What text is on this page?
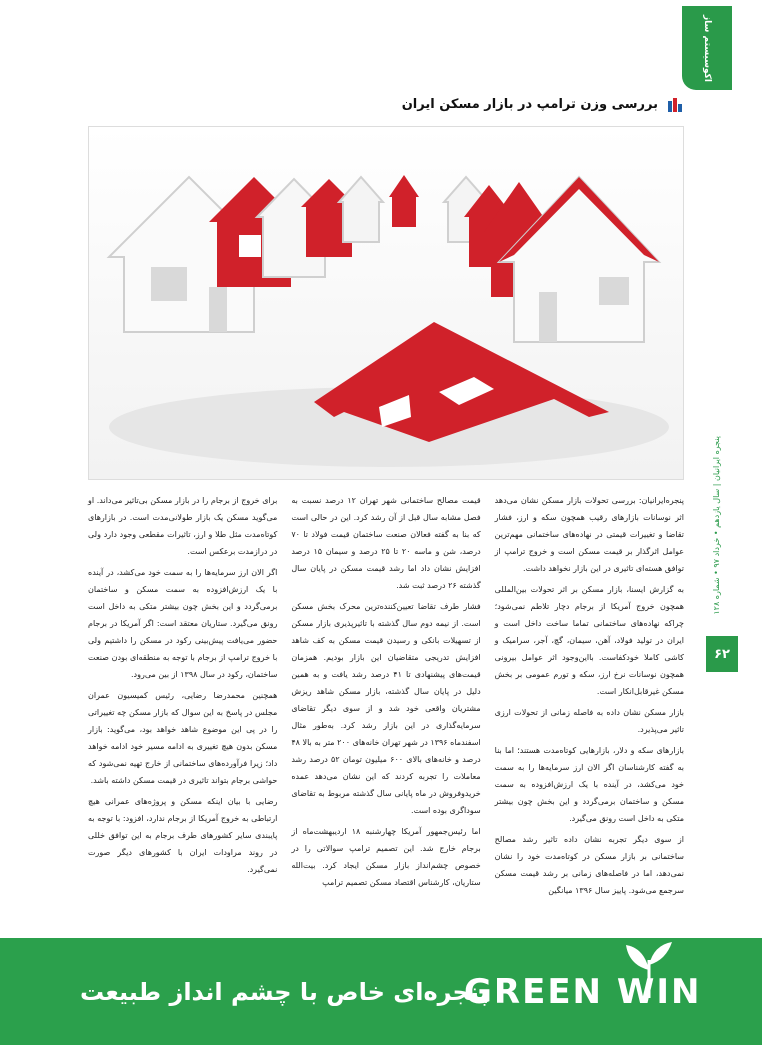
اکوسیستم ساز
پنجره ایرانیان | سال یازدهم • خرداد ۹۷ • شماره ۱۲۸
۶۲
بررسی وزن ترامپ در بازار مسکن ایران

پنجره‌ایرانیان: بررسی تحولات بازار مسکن نشان می‌دهد اثر نوسانات بازارهای رقیب همچون سکه و ارز، فشار تقاضا و تغییرات قیمتی در نهاده‌های ساختمانی مهم‌ترین عوامل اثرگذار بر قیمت مسکن است و خروج ترامپ از توافق هسته‌ای تاثیری در این بازار نخواهد داشت.

به گزارش ایسنا، بازار مسکن بر اثر تحولات بین‌المللی همچون خروج آمریکا از برجام دچار تلاطم نمی‌شود؛ چراکه نهاده‌های ساختمانی تماما ساخت داخل است و ایران در تولید فولاد، آهن، سیمان، گچ، آجر، سرامیک و کاشی کاملا خودکفاست. بااین‌وجود اثر عوامل بیرونی همچون نوسانات نرخ ارز، سکه و تورم عمومی بر بخش مسکن غیرقابل‌انکار است.

بازار مسکن نشان داده به فاصله زمانی از تحولات ارزی تاثیر می‌پذیرد.

بازارهای سکه و دلار، بازارهایی کوتاه‌مدت هستند؛ اما بنا به گفته کارشناسان اگر الان ارز سرمایه‌ها را به سمت خود می‌کشد، در آینده با یک ارزش‌افزوده به سمت مسکن و ساختمان برمی‌گردد و این بخش چون بیشتر متکی به داخل است رونق می‌گیرد.

از سوی دیگر تجربه نشان داده تاثیر رشد مصالح ساختمانی بر بازار مسکن در کوتاه‌مدت خود را نشان نمی‌دهد، اما در فاصله‌های زمانی بر رشد قیمت مسکن سرجمع می‌شود. پاییز سال ۱۳۹۶ میانگین

قیمت مصالح ساختمانی شهر تهران ۱۲ درصد نسبت به فصل مشابه سال قبل از آن رشد کرد. این در حالی است که بنا به گفته فعالان صنعت ساختمان قیمت فولاد تا ۷۰ درصد، شن و ماسه ۲۰ تا ۲۵ درصد و سیمان ۱۵ درصد افزایش نشان داد اما رشد قیمت مسکن در پایان سال گذشته ۲۶ درصد ثبت شد.

فشار طرف تقاضا تعیین‌کننده‌ترین محرک بخش مسکن است. از نیمه دوم سال گذشته با تاثیرپذیری بازار مسکن از تسهیلات بانکی و رسیدن قیمت مسکن به کف شاهد افزایش تدریجی متقاضیان این بازار بودیم. همزمان قیمت‌های پیشنهادی تا ۴۱ درصد رشد یافت و به همین دلیل در پایان سال گذشته، بازار مسکن شاهد ریزش مشتریان واقعی خود شد و از سوی دیگر تقاضای سرمایه‌گذاری در این بازار رشد کرد. به‌طور مثال اسفندماه ۱۳۹۶ در شهر تهران خانه‌های ۲۰۰ متر به بالا ۴۸ درصد و خانه‌های بالای ۶۰۰ میلیون تومان ۵۲ درصد رشد معاملات را تجربه کردند که این نشان می‌دهد عمده خریدوفروش در ماه پایانی سال گذشته مربوط به تقاضای سوداگری بوده است.

اما رئیس‌جمهور آمریکا چهارشنبه ۱۸ اردیبهشت‌ماه از برجام خارج شد. این تصمیم ترامپ سوالاتی را در خصوص چشم‌انداز بازار مسکن ایجاد کرد. بیت‌الله ستاریان، کارشناس اقتصاد مسکن تصمیم ترامپ

برای خروج از برجام را در بازار مسکن بی‌تاثیر می‌داند. او می‌گوید مسکن یک بازار طولانی‌مدت است. در بازارهای کوتاه‌مدت مثل طلا و ارز، تاثیرات مقطعی وجود دارد ولی در درازمدت برعکس است.

اگر الان ارز سرمایه‌ها را به سمت خود می‌کشد، در آینده با یک ارزش‌افزوده به سمت مسکن و ساختمان برمی‌گردد و این بخش چون بیشتر متکی به داخل است رونق می‌گیرد. ستاریان معتقد است: اگر آمریکا در برجام حضور می‌یافت پیش‌بینی رکود در مسکن را داشتیم ولی با خروج ترامپ از برجام با توجه به منطقه‌ای بودن صنعت ساختمان، رکود در سال ۱۳۹۸ از بین می‌رود.

همچنین محمدرضا رضایی، رئیس کمیسیون عمران مجلس در پاسخ به این سوال که بازار مسکن چه تغییراتی را در پی این موضوع شاهد خواهد بود، می‌گوید: بازار مسکن بدون هیچ تغییری به ادامه مسیر خود ادامه خواهد داد؛ زیرا فرآورده‌های ساختمانی از خارج تهیه نمی‌شود که حواشی برجام بتواند تاثیری در قیمت مسکن داشته باشد.

رضایی با بیان اینکه مسکن و پروژه‌های عمرانی هیچ ارتباطی به خروج آمریکا از برجام ندارد، افزود: با توجه به پایبندی سایر کشورهای طرف برجام به این توافق خللی در روند مراودات ایران با کشورهای دیگر صورت نمی‌گیرد.

GREEN WIN
پنجره‌ای خاص با چشم انداز طبیعت
